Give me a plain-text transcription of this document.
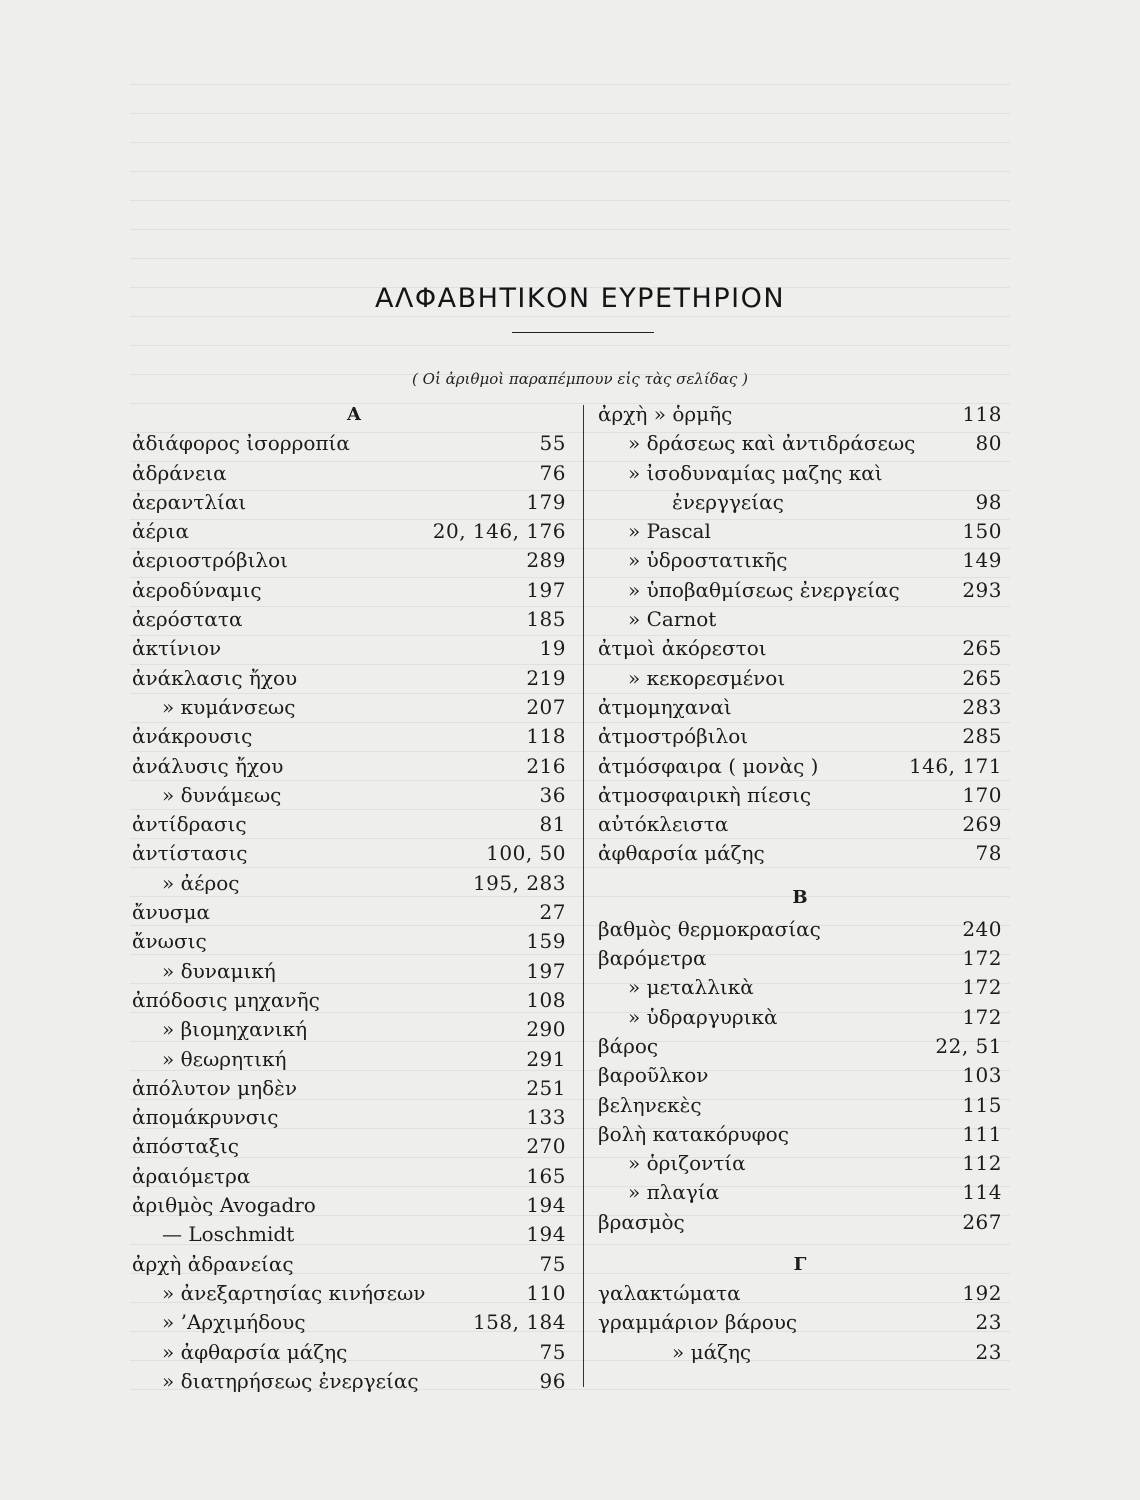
ΑΛΦΑΒΗΤΙΚΟΝ ΕΥΡΕΤΗΡΙΟΝ
( Οἱ ἀριθμοὶ παραπέμπουν εἰς τὰς σελίδας )
Α
ἀδιάφορος ἰσορροπία	55
ἀδράνεια	76
ἀεραντλίαι	179
ἀέρια	20, 146, 176
ἀεριοστρόβιλοι	289
ἀεροδύναμις	197
ἀερόστατα	185
ἀκτίνιον	19
ἀνάκλασις ἤχου	219
» κυμάνσεως	207
ἀνάκρουσις	118
ἀνάλυσις ἤχου	216
» δυνάμεως	36
ἀντίδρασις	81
ἀντίστασις	100, 50
» ἀέρος	195, 283
ἄνυσμα	27
ἄνωσις	159
» δυναμική	197
ἀπόδοσις μηχανῆς	108
» βιομηχανική	290
» θεωρητική	291
ἀπόλυτον μηδὲν	251
ἀπομάκρυνσις	133
ἀπόσταξις	270
ἀραιόμετρα	165
ἀριθμὸς Avogadro	194
— Loschmidt	194
ἀρχὴ ἀδρανείας	75
» ἀνεξαρτησίας κινήσεων	110
» ’Αρχιμήδους	158, 184
» ἀφθαρσία μάζης	75
» διατηρήσεως ἐνεργείας	96
ἀρχὴ » ὁρμῆς	118
» δράσεως καὶ ἀντιδράσεως	80
» ἰσοδυναμίας μαζης καὶ
ἐνεργγείας	98
» Pascal	150
» ὑδροστατικῆς	149
» ὑποβαθμίσεως ἐνεργείας	293
» Carnot
ἀτμοὶ ἀκόρεστοι	265
» κεκορεσμένοι	265
ἀτμομηχαναὶ	283
ἀτμοστρόβιλοι	285
ἀτμόσφαιρα ( μονὰς )	146, 171
ἀτμοσφαιρικὴ πίεσις	170
αὐτόκλειστα	269
ἀφθαρσία μάζης	78
Β
βαθμὸς θερμοκρασίας	240
βαρόμετρα	172
» μεταλλικὰ	172
» ὑδραργυρικὰ	172
βάρος	22, 51
βαροῦλκον	103
βεληνεκὲς	115
βολὴ κατακόρυφος	111
» ὁριζοντία	112
» πλαγία	114
βρασμὸς	267
Γ
γαλακτώματα	192
γραμμάριον βάρους	23
» μάζης	23
